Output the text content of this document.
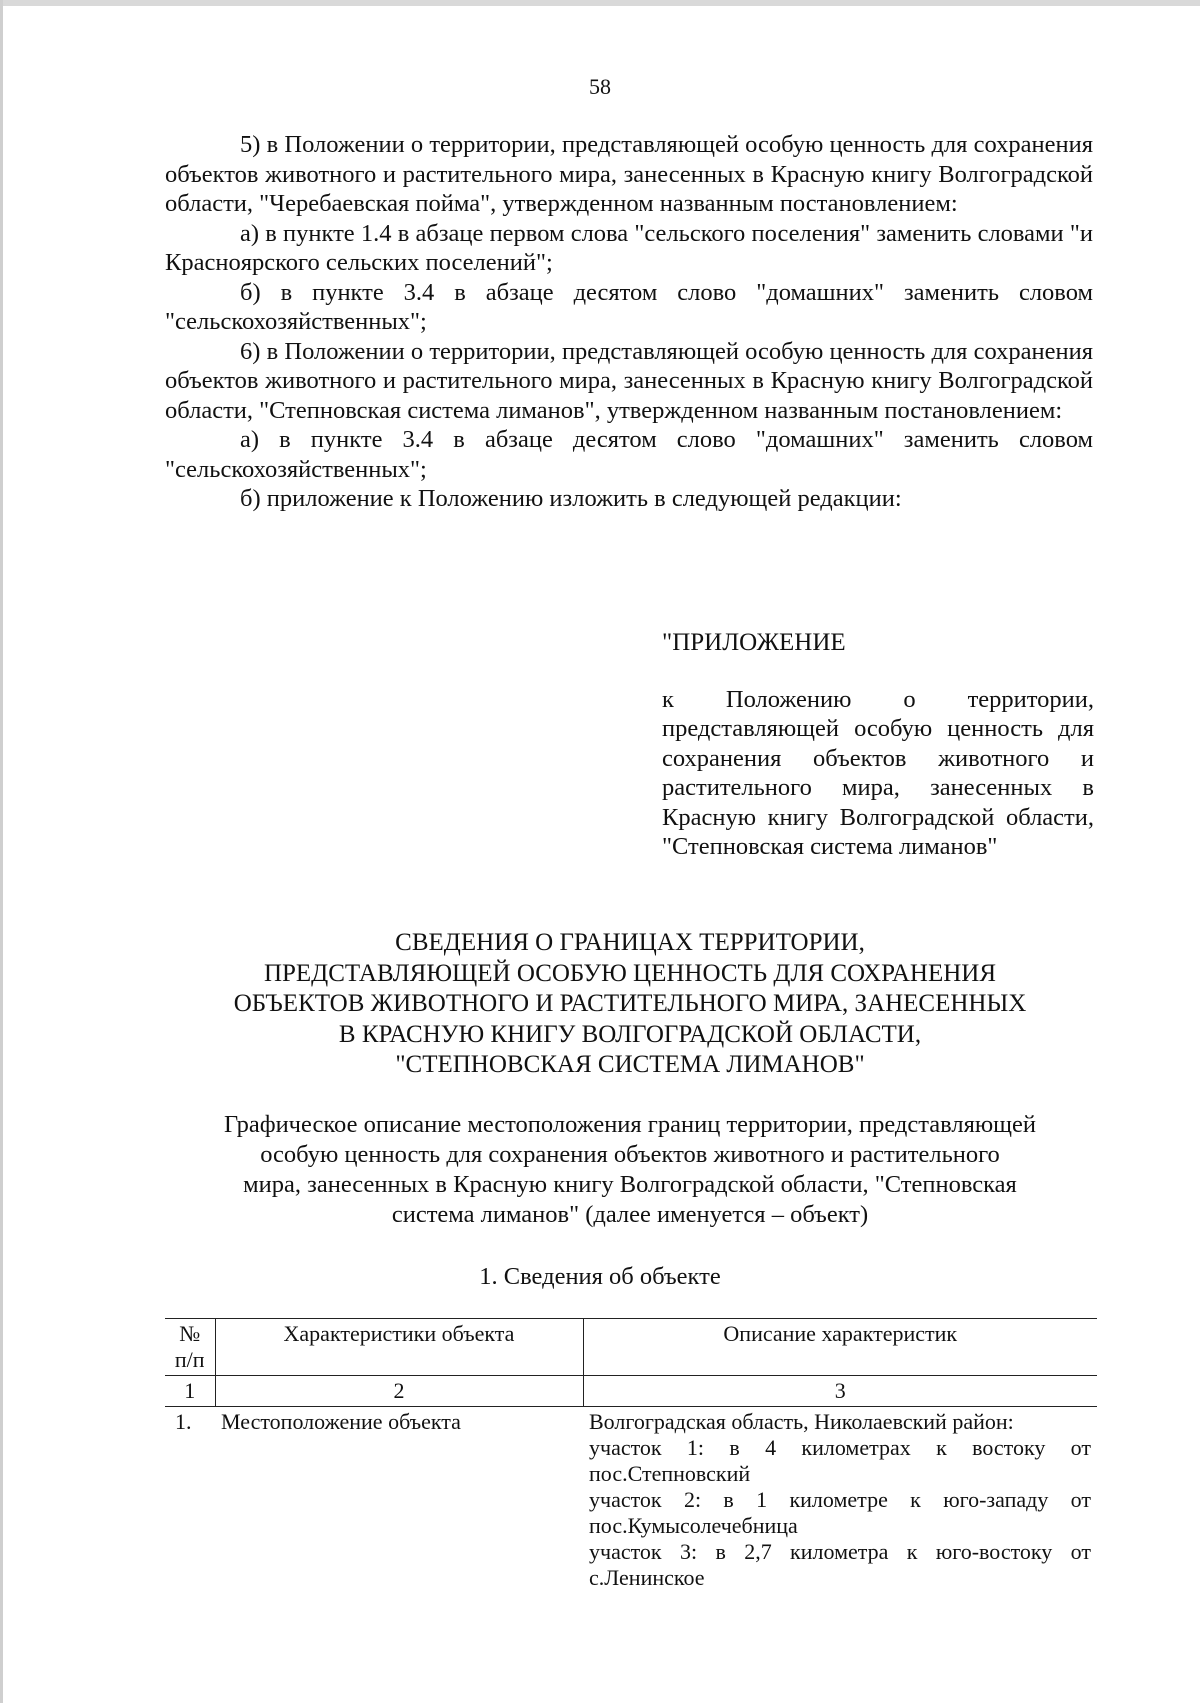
58

5) в Положении о территории, представляющей особую ценность для сохранения объектов животного и растительного мира, занесенных в Красную книгу Волгоградской области, "Черебаевская пойма", утвержденном названным постановлением:

а) в пункте 1.4 в абзаце первом слова "сельского поселения" заменить словами "и Краснoярского сельских поселений";

б) в пункте 3.4 в абзаце десятом слово "домашних" заменить словом "сельскохозяйственных";

6) в Положении о территории, представляющей особую ценность для сохранения объектов животного и растительного мира, занесенных в Красную книгу Волгоградской области, "Степновская система лиманов", утвержденном названным постановлением:

а) в пункте 3.4 в абзаце десятом слово "домашних" заменить словом "сельскохозяйственных";

б) приложение к Положению изложить в следующей редакции:

"ПРИЛОЖЕНИЕ

к Положению о территории, представляющей особую ценность для сохранения объектов животного и растительного мира, занесенных в Красную книгу Волгоградской области, "Степновская система лиманов"

СВЕДЕНИЯ О ГРАНИЦАХ ТЕРРИТОРИИ,
ПРЕДСТАВЛЯЮЩЕЙ ОСОБУЮ ЦЕННОСТЬ ДЛЯ СОХРАНЕНИЯ
ОБЪЕКТОВ ЖИВОТНОГО И РАСТИТЕЛЬНОГО МИРА, ЗАНЕСЕННЫХ
В КРАСНУЮ КНИГУ ВОЛГОГРАДСКОЙ ОБЛАСТИ,
"СТЕПНОВСКАЯ СИСТЕМА ЛИМАНОВ"

Графическое описание местоположения границ территории, представляющей
особую ценность для сохранения объектов животного и растительного
мира, занесенных в Красную книгу Волгоградской области, "Степновская
система лиманов" (далее именуется – объект)

1. Сведения об объекте
№ п/п	Характеристики объекта	Описание характеристик
1	2	3
1.	Местоположение объекта	Волгоградская область, Николаевский район:
участок 1: в 4 километрах к востоку от пос.Степновский
участок 2: в 1 километре к юго-западу от пос.Кумысолечебница
участок 3: в 2,7 километра к юго-востоку от с.Ленинское
